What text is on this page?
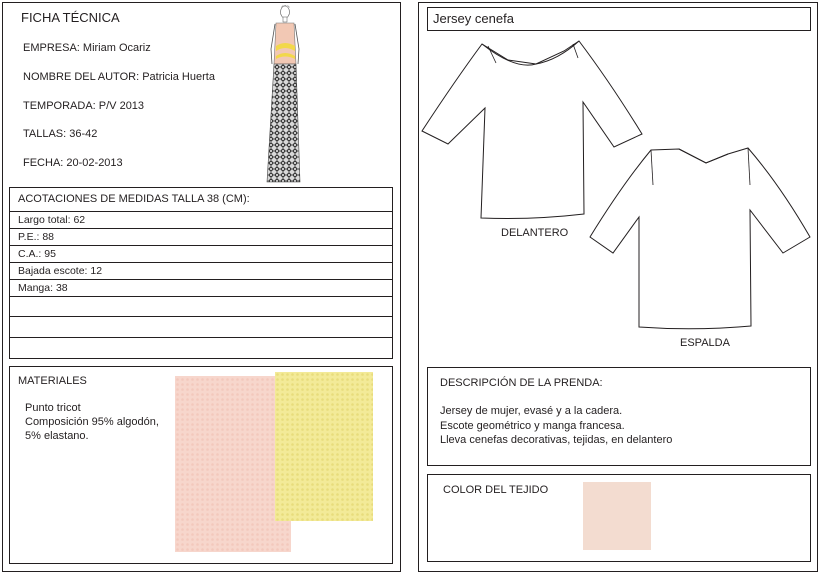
FICHA TÉCNICA
EMPRESA: Miriam Ocariz
NOMBRE DEL AUTOR: Patricia Huerta
TEMPORADA: P/V 2013
TALLAS: 36-42
FECHA: 20-02-2013
ACOTACIONES DE MEDIDAS TALLA 38 (CM):
Largo total: 62
P.E.: 88
C.A.: 95
Bajada escote: 12
Manga: 38
MATERIALES
Punto tricot
Composición 95% algodón,
5% elastano.
Jersey cenefa
DELANTERO
ESPALDA
DESCRIPCIÓN DE LA PRENDA:
Jersey de mujer, evasé y a la cadera.
Escote geométrico y manga francesa.
Lleva cenefas decorativas, tejidas, en delantero
COLOR DEL TEJIDO
